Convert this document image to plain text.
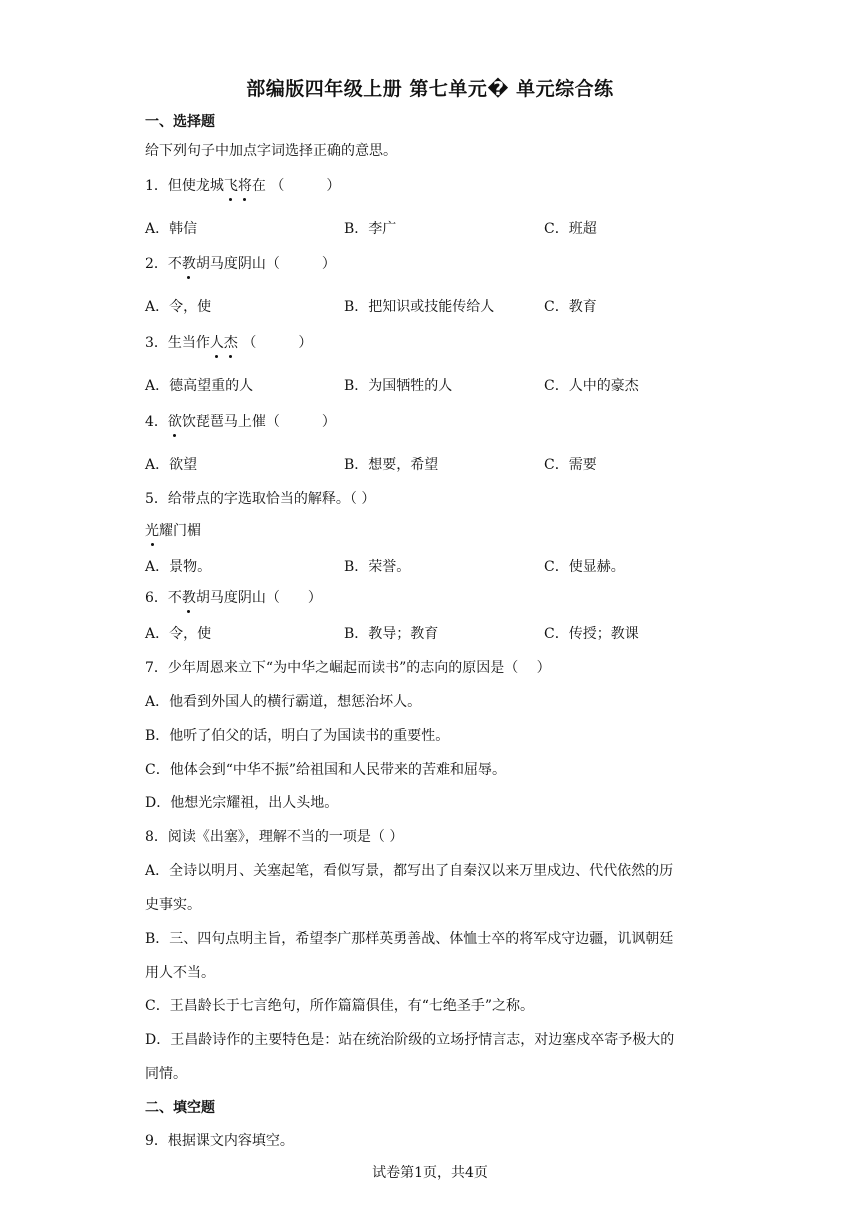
部编版四年级上册 第七单元� 单元综合练
一、选择题
给下列句子中加点字词选择正确的意思。
1．但使龙城飞将在 （　　　）
A．韩信	B．李广	C．班超
2．不教胡马度阴山（　　　）
A．令，使	B．把知识或技能传给人	C．教育
3．生当作人杰 （　　　）
A．德高望重的人	B．为国牺牲的人	C．人中的豪杰
4．欲饮琵琶马上催（　　　）
A．欲望	B．想要，希望	C．需要
5．给带点的字选取恰当的解释。（ ）
光耀门楣
A．景物。	B．荣誉。	C．使显赫。
6．不教胡马度阴山（　　）
A．令，使	B．教导；教育	C．传授；教课
7．少年周恩来立下“为中华之崛起而读书”的志向的原因是（　 ）
A．他看到外国人的横行霸道，想惩治坏人。
B．他听了伯父的话，明白了为国读书的重要性。
C．他体会到“中华不振”给祖国和人民带来的苦难和屈辱。
D．他想光宗耀祖，出人头地。
8．阅读《出塞》，理解不当的一项是（ ）
A．全诗以明月、关塞起笔，看似写景，都写出了自秦汉以来万里戍边、代代依然的历
史事实。
B．三、四句点明主旨，希望李广那样英勇善战、体恤士卒的将军戍守边疆，讥讽朝廷
用人不当。
C．王昌龄长于七言绝句，所作篇篇俱佳，有“七绝圣手”之称。
D．王昌龄诗作的主要特色是：站在统治阶级的立场抒情言志，对边塞戍卒寄予极大的
同情。
二、填空题
9．根据课文内容填空。
试卷第1页，共4页
